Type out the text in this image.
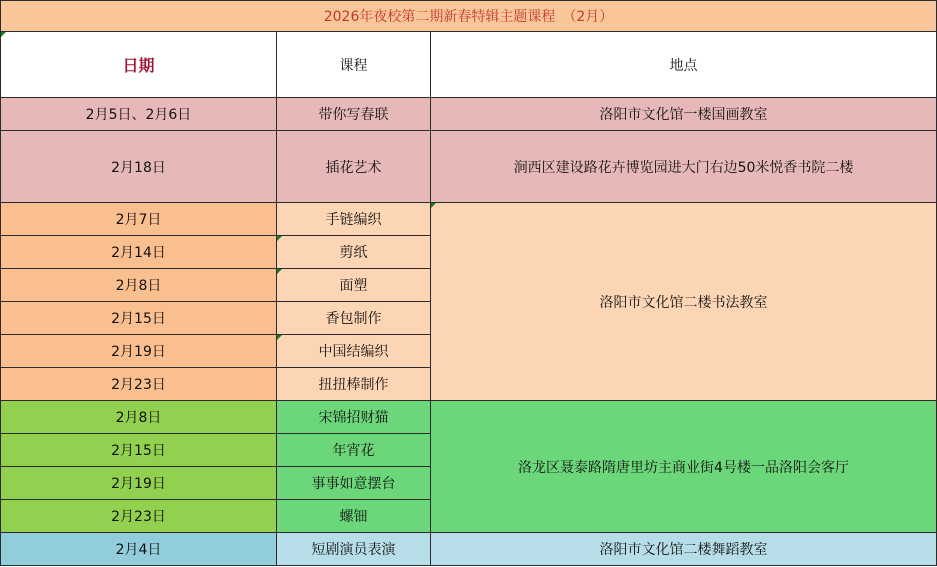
2026年夜校第二期新春特辑主题课程　（2月）
日期	课程	地点
2月5日、2月6日	带你写春联	洛阳市文化馆一楼国画教室
2月18日	插花艺术	涧西区建设路花卉博览园进大门右边50米悦香书院二楼
2月7日	手链编织
2月14日	剪纸
2月8日	面塑
2月15日	香包制作
2月19日	中国结编织
2月23日	扭扭棒制作
洛阳市文化馆二楼书法教室
2月8日	宋锦招财猫
2月15日	年宵花
2月19日	事事如意摆台
2月23日	螺钿
洛龙区聂泰路隋唐里坊主商业街4号楼一品洛阳会客厅
2月4日	短剧演员表演	洛阳市文化馆二楼舞蹈教室
